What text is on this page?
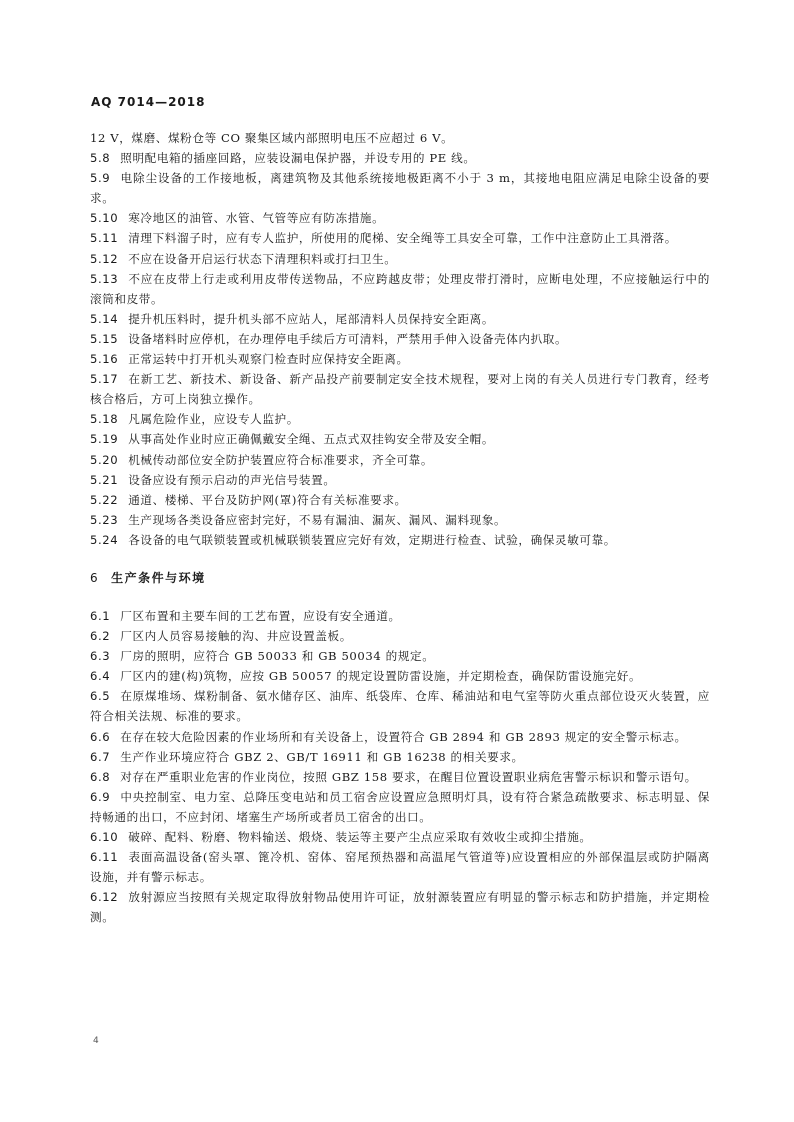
AQ 7014—2018

12 V，煤磨、煤粉仓等 CO 聚集区域内部照明电压不应超过 6 V。

5.8 照明配电箱的插座回路，应装设漏电保护器，并设专用的 PE 线。

5.9 电除尘设备的工作接地板，离建筑物及其他系统接地极距离不小于 3 m，其接地电阻应满足电除尘设备的要求。

5.10 寒冷地区的油管、水管、气管等应有防冻措施。

5.11 清理下料溜子时，应有专人监护，所使用的爬梯、安全绳等工具安全可靠，工作中注意防止工具滑落。

5.12 不应在设备开启运行状态下清理积料或打扫卫生。

5.13 不应在皮带上行走或利用皮带传送物品，不应跨越皮带；处理皮带打滑时，应断电处理，不应接触运行中的滚筒和皮带。

5.14 提升机压料时，提升机头部不应站人，尾部清料人员保持安全距离。

5.15 设备堵料时应停机，在办理停电手续后方可清料，严禁用手伸入设备壳体内扒取。

5.16 正常运转中打开机头观察门检查时应保持安全距离。

5.17 在新工艺、新技术、新设备、新产品投产前要制定安全技术规程，要对上岗的有关人员进行专门教育，经考核合格后，方可上岗独立操作。

5.18 凡属危险作业，应设专人监护。

5.19 从事高处作业时应正确佩戴安全绳、五点式双挂钩安全带及安全帽。

5.20 机械传动部位安全防护装置应符合标准要求，齐全可靠。

5.21 设备应设有预示启动的声光信号装置。

5.22 通道、楼梯、平台及防护网(罩)符合有关标准要求。

5.23 生产现场各类设备应密封完好，不易有漏油、漏灰、漏风、漏料现象。

5.24 各设备的电气联锁装置或机械联锁装置应完好有效，定期进行检查、试验，确保灵敏可靠。

6 生产条件与环境

6.1 厂区布置和主要车间的工艺布置，应设有安全通道。

6.2 厂区内人员容易接触的沟、井应设置盖板。

6.3 厂房的照明，应符合 GB 50033 和 GB 50034 的规定。

6.4 厂区内的建(构)筑物，应按 GB 50057 的规定设置防雷设施，并定期检查，确保防雷设施完好。

6.5 在原煤堆场、煤粉制备、氨水储存区、油库、纸袋库、仓库、稀油站和电气室等防火重点部位设灭火装置，应符合相关法规、标准的要求。

6.6 在存在较大危险因素的作业场所和有关设备上，设置符合 GB 2894 和 GB 2893 规定的安全警示标志。

6.7 生产作业环境应符合 GBZ 2、GB/T 16911 和 GB 16238 的相关要求。

6.8 对存在严重职业危害的作业岗位，按照 GBZ 158 要求，在醒目位置设置职业病危害警示标识和警示语句。

6.9 中央控制室、电力室、总降压变电站和员工宿舍应设置应急照明灯具，设有符合紧急疏散要求、标志明显、保持畅通的出口，不应封闭、堵塞生产场所或者员工宿舍的出口。

6.10 破碎、配料、粉磨、物料输送、煅烧、装运等主要产尘点应采取有效收尘或抑尘措施。

6.11 表面高温设备(窑头罩、篦冷机、窑体、窑尾预热器和高温尾气管道等)应设置相应的外部保温层或防护隔离设施，并有警示标志。

6.12 放射源应当按照有关规定取得放射物品使用许可证，放射源装置应有明显的警示标志和防护措施，并定期检测。

4
